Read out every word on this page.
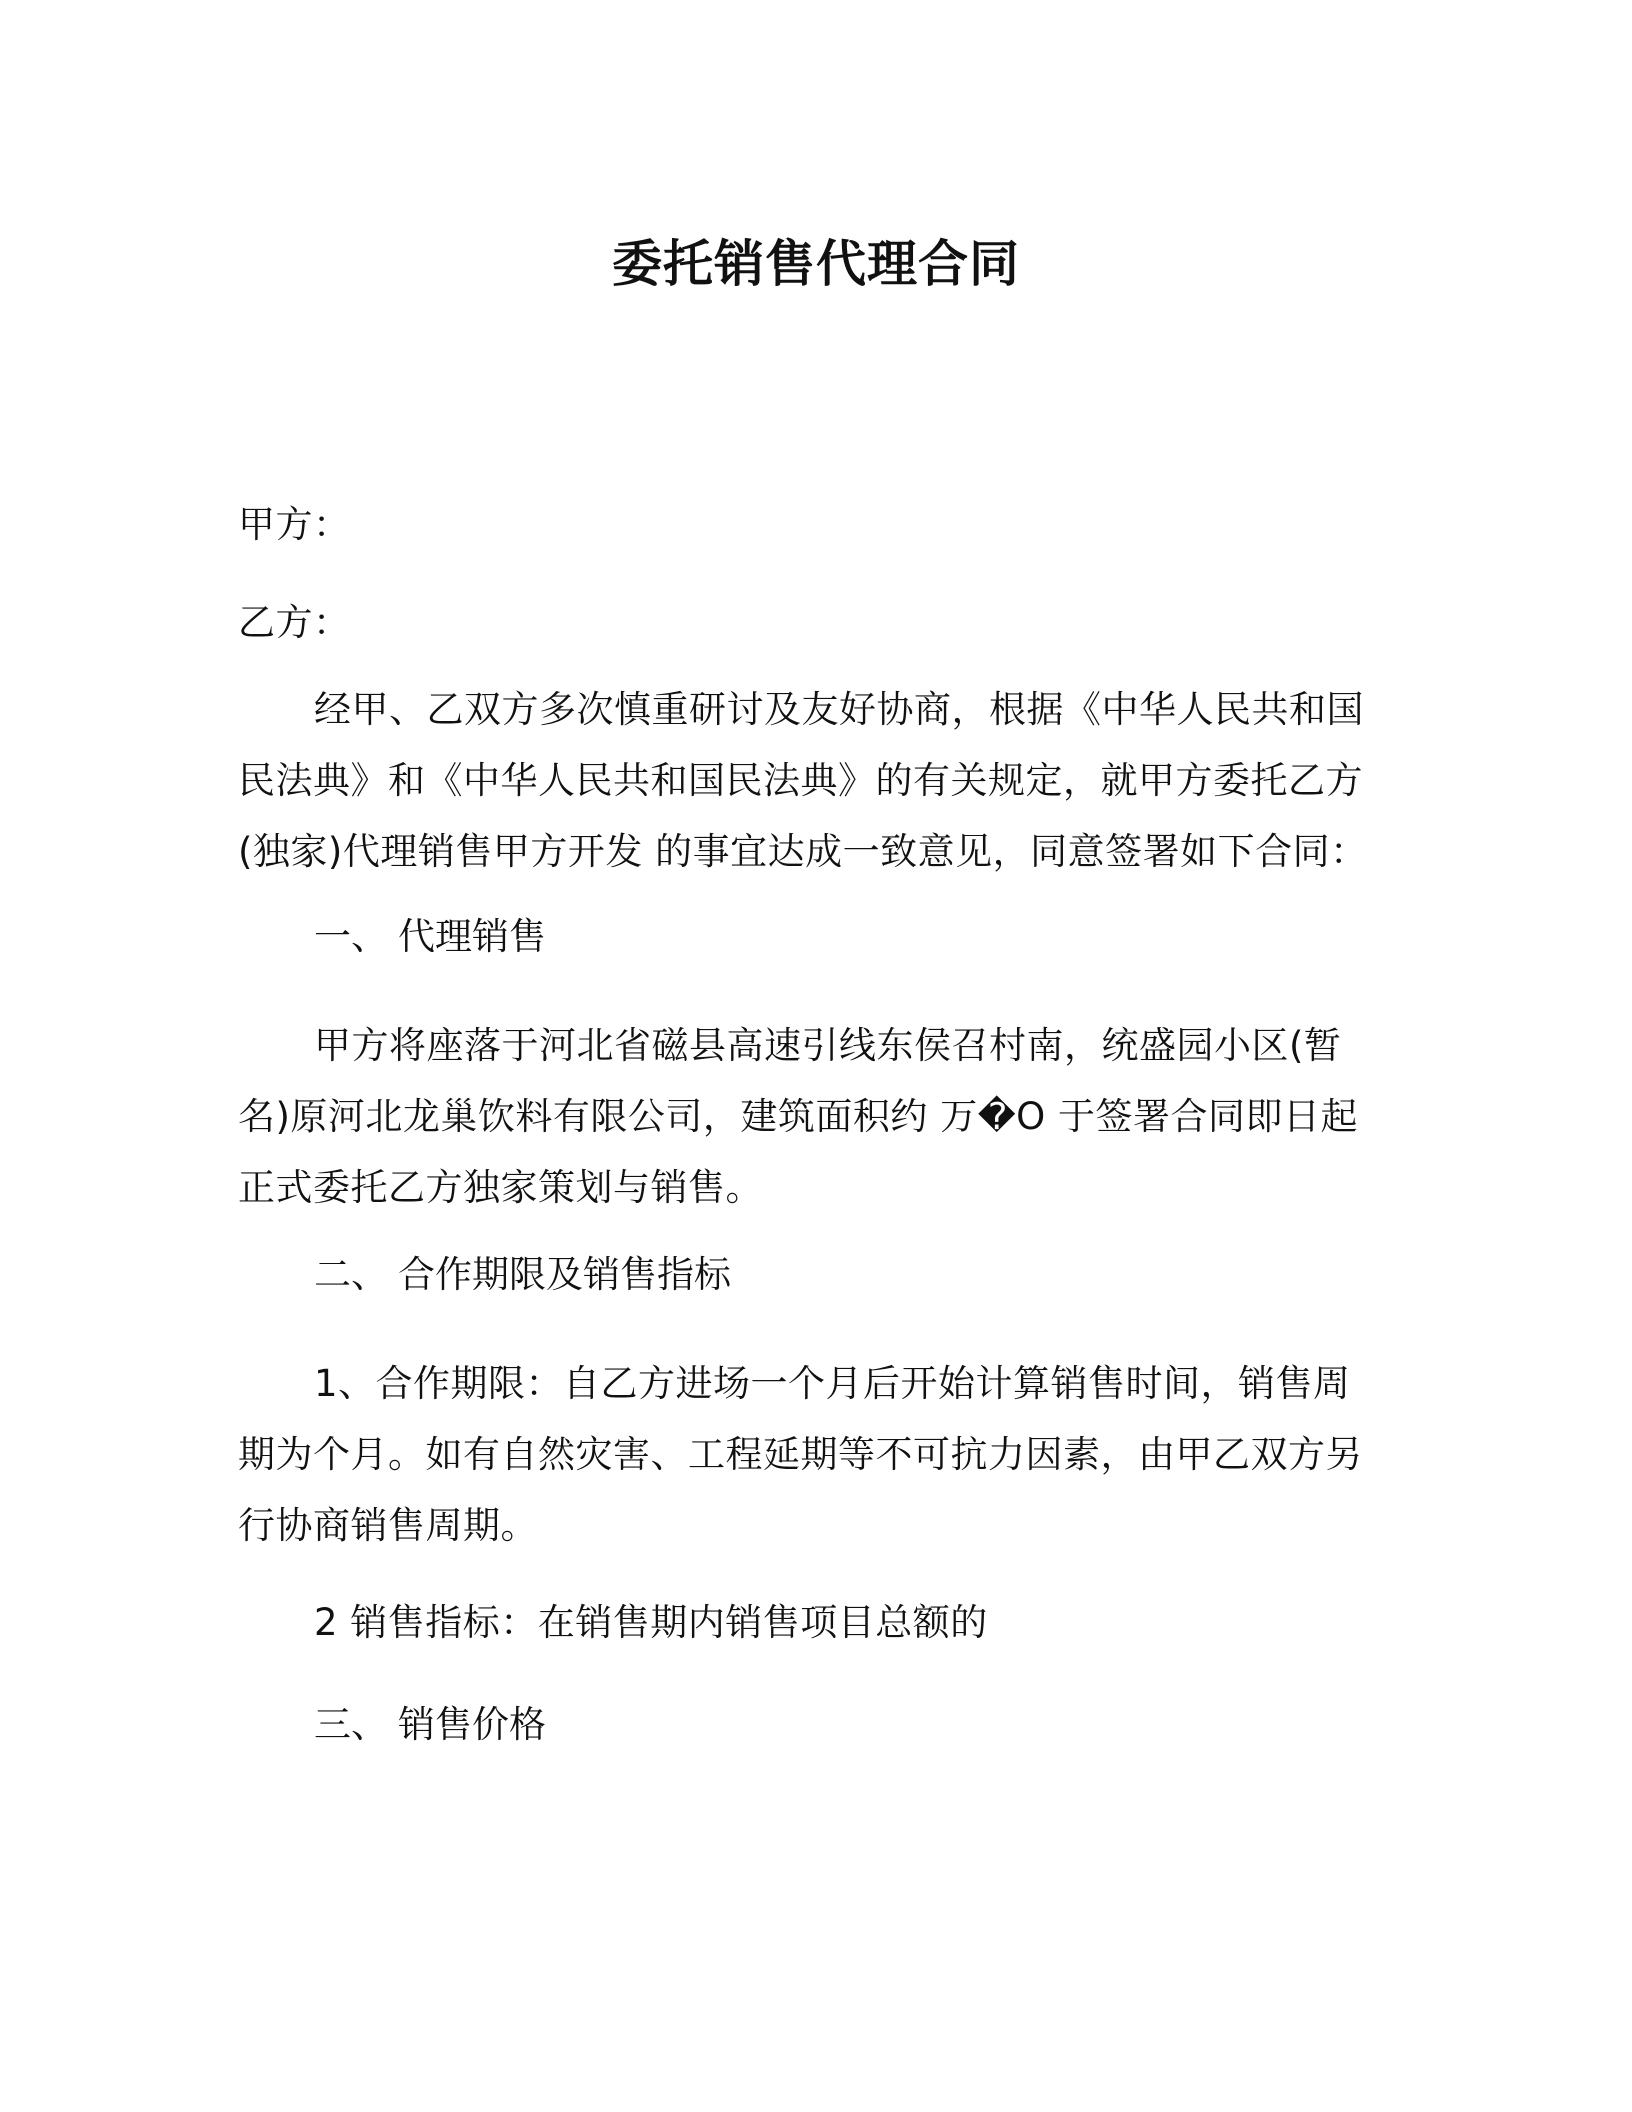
委托销售代理合同
甲方：
乙方：
经甲、乙双方多次慎重研讨及友好协商，根据《中华人民共和国民法典》和《中华人民共和国民法典》的有关规定，就甲方委托乙方(独家)代理销售甲方开发 的事宜达成一致意见，同意签署如下合同：
一、 代理销售
甲方将座落于河北省磁县高速引线东侯召村南，统盛园小区(暂名)原河北龙巢饮料有限公司，建筑面积约 万�O 于签署合同即日起正式委托乙方独家策划与销售。
二、 合作期限及销售指标
1、合作期限：自乙方进场一个月后开始计算销售时间，销售周期为个月。如有自然灾害、工程延期等不可抗力因素，由甲乙双方另行协商销售周期。
2 销售指标：在销售期内销售项目总额的
三、 销售价格
